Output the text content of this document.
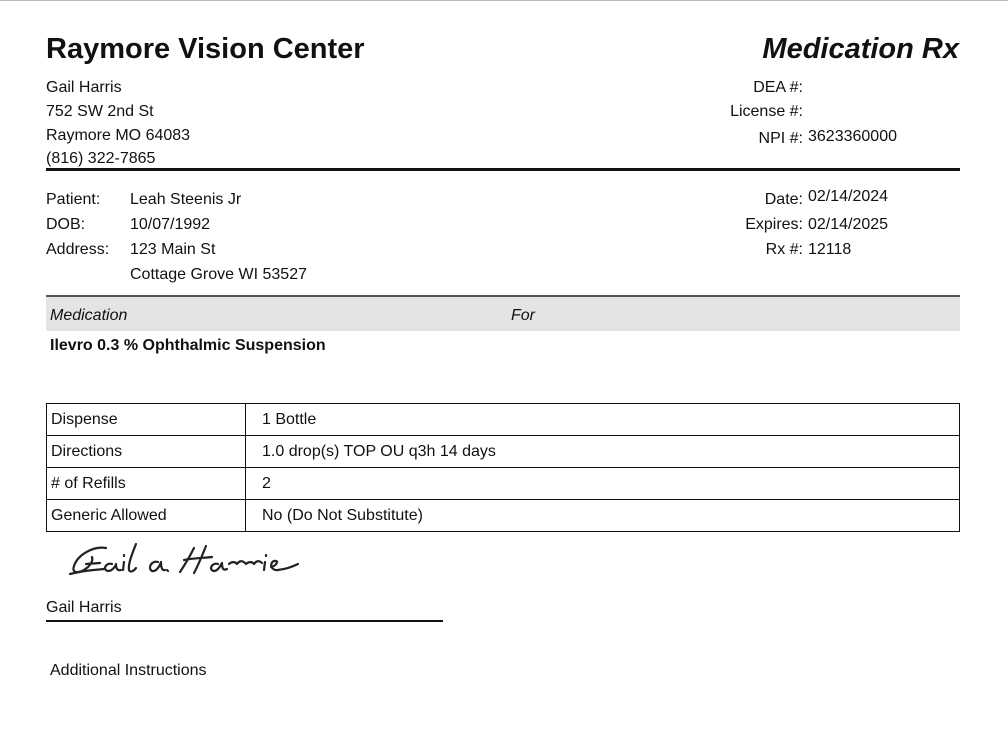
Raymore Vision Center	Medication Rx
Gail Harris
752 SW 2nd St
Raymore MO 64083
(816) 322-7865
DEA #:
License #:
NPI #: 3623360000
Patient: Leah Steenis Jr
DOB:	10/07/1992
Address: 123 Main St
Cottage Grove WI 53527
Date: 02/14/2024
Expires: 02/14/2025
Rx #: 12118
Medication	For
Ilevro 0.3 % Ophthalmic Suspension
Dispense	1 Bottle
Directions	1.0 drop(s) TOP OU q3h 14 days
# of Refills	2
Generic Allowed	No (Do Not Substitute)
Gail Harris
Additional Instructions
